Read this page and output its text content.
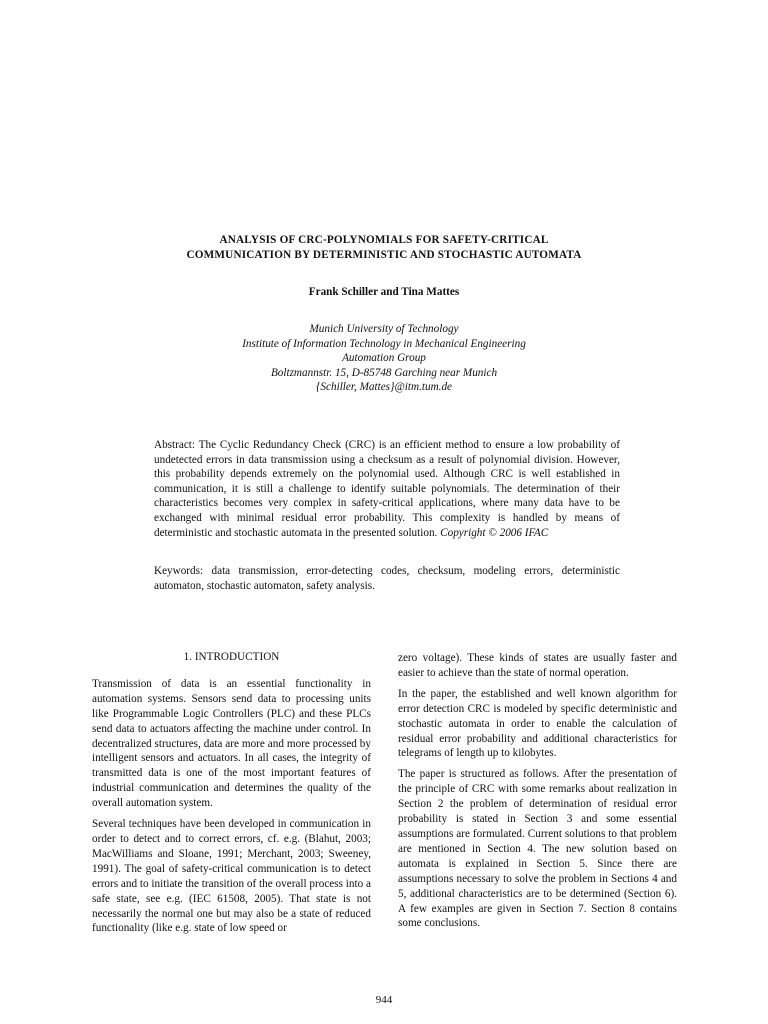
ANALYSIS OF CRC-POLYNOMIALS FOR SAFETY-CRITICAL
COMMUNICATION BY DETERMINISTIC AND STOCHASTIC AUTOMATA
Frank Schiller and Tina Mattes
Munich University of Technology
Institute of Information Technology in Mechanical Engineering
Automation Group
Boltzmannstr. 15, D-85748 Garching near Munich
{Schiller, Mattes}@itm.tum.de
Abstract: The Cyclic Redundancy Check (CRC) is an efficient method to ensure a low probability of undetected errors in data transmission using a checksum as a result of polynomial division. However, this probability depends extremely on the polynomial used. Although CRC is well established in communication, it is still a challenge to identify suitable polynomials. The determination of their characteristics becomes very complex in safety-critical applications, where many data have to be exchanged with minimal residual error probability. This complexity is handled by means of deterministic and stochastic automata in the presented solution. Copyright © 2006 IFAC
Keywords: data transmission, error-detecting codes, checksum, modeling errors, deterministic automaton, stochastic automaton, safety analysis.
1. INTRODUCTION

Transmission of data is an essential functionality in automation systems. Sensors send data to processing units like Programmable Logic Controllers (PLC) and these PLCs send data to actuators affecting the machine under control. In decentralized structures, data are more and more processed by intelligent sensors and actuators. In all cases, the integrity of transmitted data is one of the most important features of industrial communication and determines the quality of the overall automation system.

Several techniques have been developed in communication in order to detect and to correct errors, cf. e.g. (Blahut, 2003; MacWilliams and Sloane, 1991; Merchant, 2003; Sweeney, 1991). The goal of safety-critical communication is to detect errors and to initiate the transition of the overall process into a safe state, see e.g. (IEC 61508, 2005). That state is not necessarily the normal one but may also be a state of reduced functionality (like e.g. state of low speed or

zero voltage). These kinds of states are usually faster and easier to achieve than the state of normal operation.

In the paper, the established and well known algorithm for error detection CRC is modeled by specific deterministic and stochastic automata in order to enable the calculation of residual error probability and additional characteristics for telegrams of length up to kilobytes.

The paper is structured as follows. After the presentation of the principle of CRC with some remarks about realization in Section 2 the problem of determination of residual error probability is stated in Section 3 and some essential assumptions are formulated. Current solutions to that problem are mentioned in Section 4. The new solution based on automata is explained in Section 5. Since there are assumptions necessary to solve the problem in Sections 4 and 5, additional characteristics are to be determined (Section 6). A few examples are given in Section 7. Section 8 contains some conclusions.

944
